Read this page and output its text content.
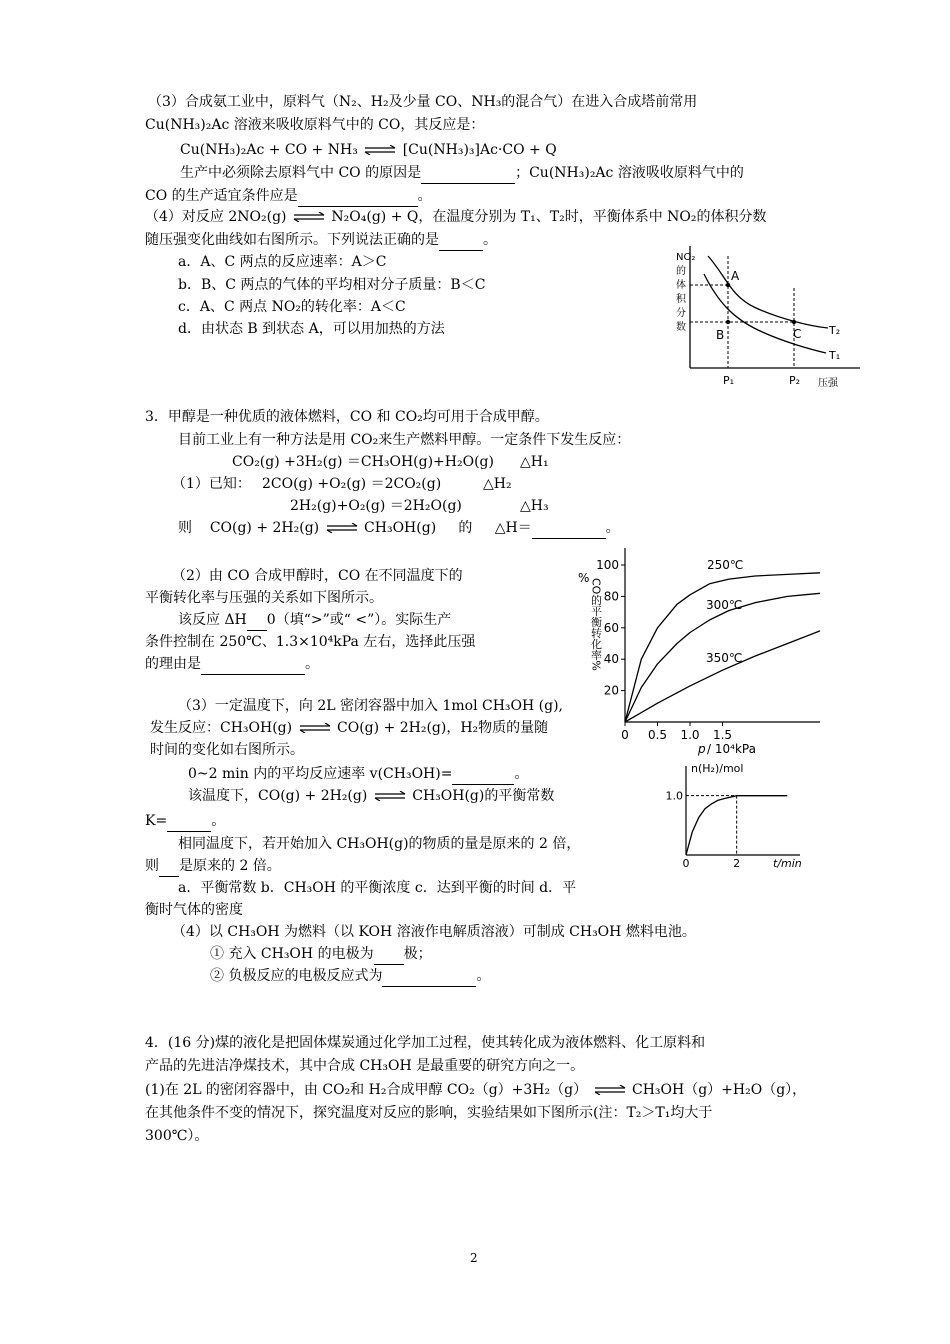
（3）合成氨工业中，原料气（N₂、H₂及少量 CO、NH₃的混合气）在进入合成塔前常用
Cu(NH₃)₂Ac 溶液来吸收原料气中的 CO，其反应是：
Cu(NH₃)₂Ac + CO + NH₃ ⇌ [Cu(NH₃)₃]Ac·CO + Q
生产中必须除去原料气中 CO 的原因是	；Cu(NH₃)₂Ac 溶液吸收原料气中的
CO 的生产适宜条件应是	。
（4）对反应 2NO₂(g) ⇌ N₂O₄(g) + Q，在温度分别为 T₁、T₂时，平衡体系中 NO₂的体积分数
随压强变化曲线如右图所示。下列说法正确的是	。
a．A、C 两点的反应速率：A＞C
b．B、C 两点的气体的平均相对分子质量：B＜C
c．A、C 两点 NO₂的转化率：A＜C
d．由状态 B 到状态 A，可以用加热的方法
NO₂
的
体
积
分
数
A
B	C	T₂
T₁
P₁	P₂ 压强
3．甲醇是一种优质的液体燃料，CO 和 CO₂均可用于合成甲醇。
目前工业上有一种方法是用 CO₂来生产燃料甲醇。一定条件下发生反应：
CO₂(g) +3H₂(g) ＝CH₃OH(g)+H₂O(g) △H₁
（1）已知： 2CO(g) +O₂(g) ＝2CO₂(g)	△H₂
2H₂(g)+O₂(g) ＝2H₂O(g)	△H₃
则 CO(g) + 2H₂(g) ⇌ CH₃OH(g) 的 △H＝	。
（2）由 CO 合成甲醇时，CO 在不同温度下的
平衡转化率与压强的关系如下图所示。
该反应 ΔH 0（填“>”或“ <”）。实际生产
条件控制在 250℃、1.3×10⁴kPa 左右，选择此压强
的理由是	。
（3）一定温度下，向 2L 密闭容器中加入 1mol CH₃OH (g),
发生反应：CH₃OH(g) ⇌ CO(g) + 2H₂(g)，H₂物质的量随
时间的变化如右图所示。
0~2 min 内的平均反应速率 v(CH₃OH)=	。
该温度下，CO(g) + 2H₂(g) ⇌ CH₃OH(g)的平衡常数
K=	。
相同温度下，若开始加入 CH₃OH(g)的物质的量是原来的 2 倍，
则 是原来的 2 倍。
a．平衡常数 b．CH₃OH 的平衡浓度 c．达到平衡的时间 d．平
衡时气体的密度
（4）以 CH₃OH 为燃料（以 KOH 溶液作电解质溶液）可制成 CH₃OH 燃料电池。
① 充入 CH₃OH 的电极为 极；
② 负极反应的电极反应式为	。
% CO的平衡转化率%
100
80
60
40
20
0 0.5 1.0 1.5
p / 10⁴kPa
250℃
300℃
350℃
n(H₂)/mol
1.0
0	2	t/min
4．(16 分)煤的液化是把固体煤炭通过化学加工过程，使其转化成为液体燃料、化工原料和
产品的先进洁净煤技术，其中合成 CH₃OH 是最重要的研究方向之一。
(1)在 2L 的密闭容器中，由 CO₂和 H₂合成甲醇 CO₂（g）+3H₂（g） ⇌ CH₃OH（g）+H₂O（g），
在其他条件不变的情况下，探究温度对反应的影响，实验结果如下图所示(注：T₂＞T₁均大于
300℃）。
2
